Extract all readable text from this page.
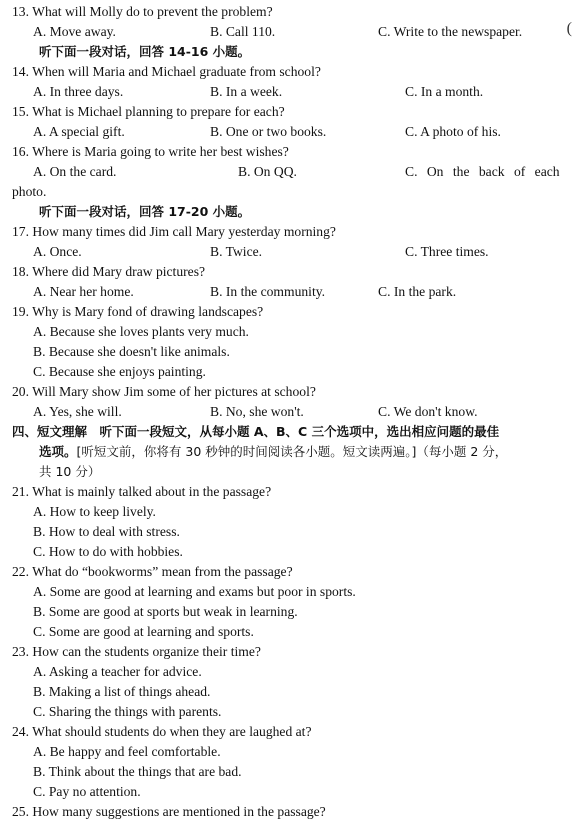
(
13. What will Molly do to prevent the problem?
A. Move away.	B. Call 110.	C. Write to the newspaper.
听下面一段对话，回答 14-16 小题。
14. When will Maria and Michael graduate from school?
A. In three days.	B. In a week.	C. In a month.
15. What is Michael planning to prepare for each?
A. A special gift.	B. One or two books.	C. A photo of his.
16. Where is Maria going to write her best wishes?
A. On the card.	B. On QQ.	C. On the back of each
photo.
听下面一段对话，回答 17-20 小题。
17. How many times did Jim call Mary yesterday morning?
A. Once.	B. Twice.	C. Three times.
18. Where did Mary draw pictures?
A. Near her home.	B. In the community.	C. In the park.
19. Why is Mary fond of drawing landscapes?
A. Because she loves plants very much.
B. Because she doesn't like animals.
C. Because she enjoys painting.
20. Will Mary show Jim some of her pictures at school?
A. Yes, she will.	B. No, she won't.	C. We don't know.
四、短文理解　听下面一段短文，从每小题 A、B、C 三个选项中，选出相应问题的最佳
选项。[听短文前，你将有 30 秒钟的时间阅读各小题。短文读两遍。]（每小题 2 分，
共 10 分）
21. What is mainly talked about in the passage?
A. How to keep lively.
B. How to deal with stress.
C. How to do with hobbies.
22. What do “bookworms” mean from the passage?
A. Some are good at learning and exams but poor in sports.
B. Some are good at sports but weak in learning.
C. Some are good at learning and sports.
23. How can the students organize their time?
A. Asking a teacher for advice.
B. Making a list of things ahead.
C. Sharing the things with parents.
24. What should students do when they are laughed at?
A. Be happy and feel comfortable.
B. Think about the things that are bad.
C. Pay no attention.
25. How many suggestions are mentioned in the passage?
